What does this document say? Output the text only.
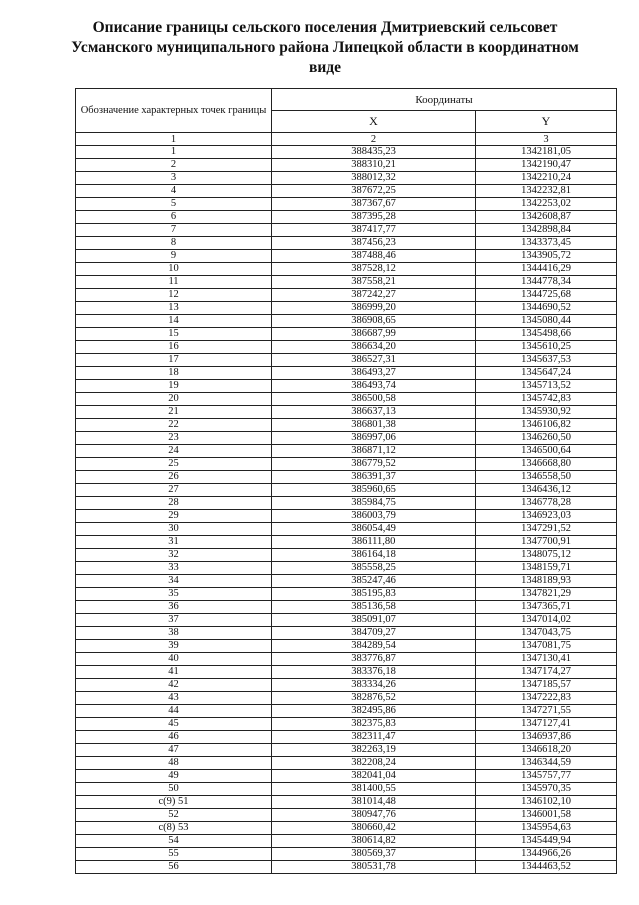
Описание границы сельского поселения Дмитриевский сельсовет
Усманского муниципального района Липецкой области в координатном
виде
Обозначение характерных точек границы	Координаты	
	X	Y
1	2	3
1	388435,23	1342181,05
2	388310,21	1342190,47
3	388012,32	1342210,24
4	387672,25	1342232,81
5	387367,67	1342253,02
6	387395,28	1342608,87
7	387417,77	1342898,84
8	387456,23	1343373,45
9	387488,46	1343905,72
10	387528,12	1344416,29
11	387558,21	1344778,34
12	387242,27	1344725,68
13	386999,20	1344690,52
14	386908,65	1345080,44
15	386687,99	1345498,66
16	386634,20	1345610,25
17	386527,31	1345637,53
18	386493,27	1345647,24
19	386493,74	1345713,52
20	386500,58	1345742,83
21	386637,13	1345930,92
22	386801,38	1346106,82
23	386997,06	1346260,50
24	386871,12	1346500,64
25	386779,52	1346668,80
26	386391,37	1346558,50
27	385960,65	1346436,12
28	385984,75	1346778,28
29	386003,79	1346923,03
30	386054,49	1347291,52
31	386111,80	1347700,91
32	386164,18	1348075,12
33	385558,25	1348159,71
34	385247,46	1348189,93
35	385195,83	1347821,29
36	385136,58	1347365,71
37	385091,07	1347014,02
38	384709,27	1347043,75
39	384289,54	1347081,75
40	383776,87	1347130,41
41	383376,18	1347174,27
42	383334,26	1347185,57
43	382876,52	1347222,83
44	382495,86	1347271,55
45	382375,83	1347127,41
46	382311,47	1346937,86
47	382263,19	1346618,20
48	382208,24	1346344,59
49	382041,04	1345757,77
50	381400,55	1345970,35
с(9) 51	381014,48	1346102,10
52	380947,76	1346001,58
с(8) 53	380660,42	1345954,63
54	380614,82	1345449,94
55	380569,37	1344966,26
56	380531,78	1344463,52
